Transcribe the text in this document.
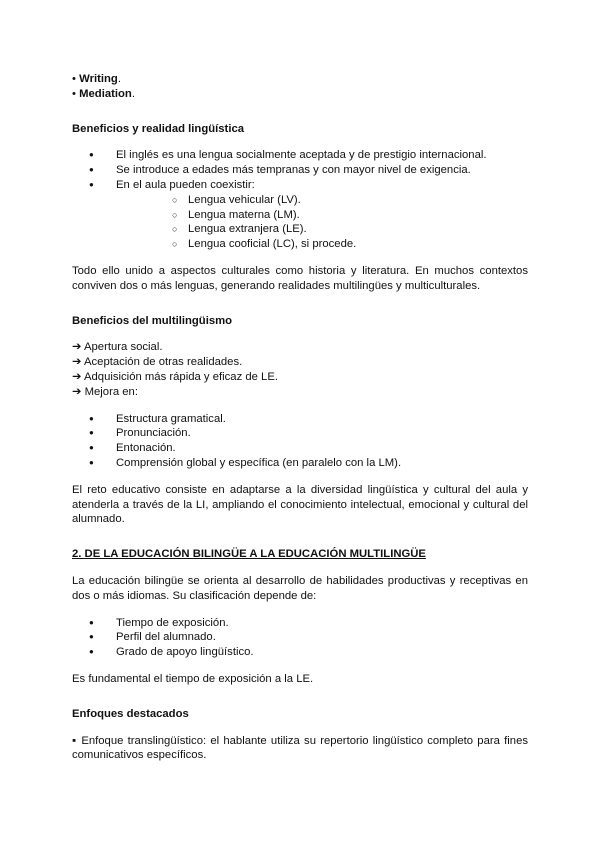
• Writing.
• Mediation.

Beneficios y realidad lingüística

● El inglés es una lengua socialmente aceptada y de prestigio internacional.
● Se introduce a edades más tempranas y con mayor nivel de exigencia.
● En el aula pueden coexistir:
○ Lengua vehicular (LV).
○ Lengua materna (LM).
○ Lengua extranjera (LE).
○ Lengua cooficial (LC), si procede.

Todo ello unido a aspectos culturales como historia y literatura. En muchos contextos conviven dos o más lenguas, generando realidades multilingües y multiculturales.

Beneficios del multilingüismo

➔ Apertura social.
➔ Aceptación de otras realidades.
➔ Adquisición más rápida y eficaz de LE.
➔ Mejora en:
● Estructura gramatical.
● Pronunciación.
● Entonación.
● Comprensión global y específica (en paralelo con la LM).

El reto educativo consiste en adaptarse a la diversidad lingüística y cultural del aula y atenderla a través de la LI, ampliando el conocimiento intelectual, emocional y cultural del alumnado.

2. DE LA EDUCACIÓN BILINGÜE A LA EDUCACIÓN MULTILINGÜE

La educación bilingüe se orienta al desarrollo de habilidades productivas y receptivas en dos o más idiomas. Su clasificación depende de:

● Tiempo de exposición.
● Perfil del alumnado.
● Grado de apoyo lingüístico.

Es fundamental el tiempo de exposición a la LE.

Enfoques destacados

▪ Enfoque translingüístico: el hablante utiliza su repertorio lingüístico completo para fines comunicativos específicos.
